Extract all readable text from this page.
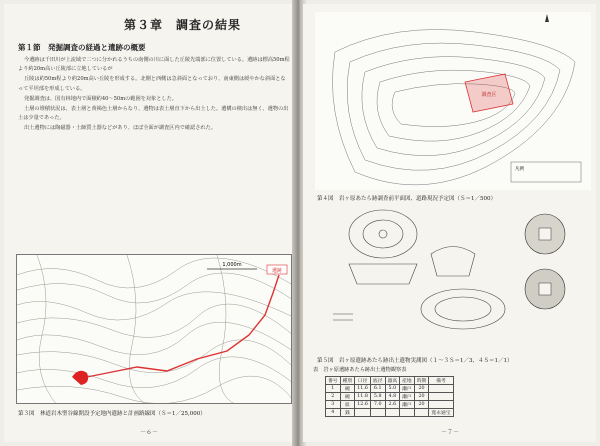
第３章　調査の結果
第１節　発掘調査の経過と遺跡の概要

今遺跡は千田川が上流域で二つに分かれるうちの南側の川に面した丘陵先端部に位置している。遺跡は標高50m程より約20m高い丘陵部に立地しているが

丘陵は約50m程より約20m高い丘陵を形成する。北側と西側は急斜面となっており、南東側は緩やかな斜面となって平坦部を形成している。

発掘調査は、国有林地内で面積約40～50mの範囲を対象とした。

土層の堆積状況は、表土層と黄褐色土層からなり、遺物は表土層直下から出土した。遺構の検出は無く、遺物の出土は少量であった。

出土遺物には陶磁器・土師質土器などがあり、ほぼ全面が調査区内で確認された。

遺跡
1,000m
第３図　林道岩木聖谷線開設予定地内遺跡と計画路線図（Ｓ＝1／25,000）
－６－
調査区
凡例
第４図　岩ヶ原あたら跡調査前平面図、道路現況予定図（Ｓ＝1／500）
第５図　岩ヶ原遺跡あたら跡出土遺物実測図（１～３Ｓ＝1／3、４Ｓ＝1／1）
表　岩ヶ原遺跡あたら跡出土遺物観察表
番号	種別	口径	底径	器高	産地	時期	備考
1	碗	11.6	6.1	5.0	瀬戸	20	
2	碗	11.8	5.8	4.8	瀬戸	20	
3	皿	12.6	7.0	2.6	瀬戸	20	
4	銭						寛永通宝
－７－
